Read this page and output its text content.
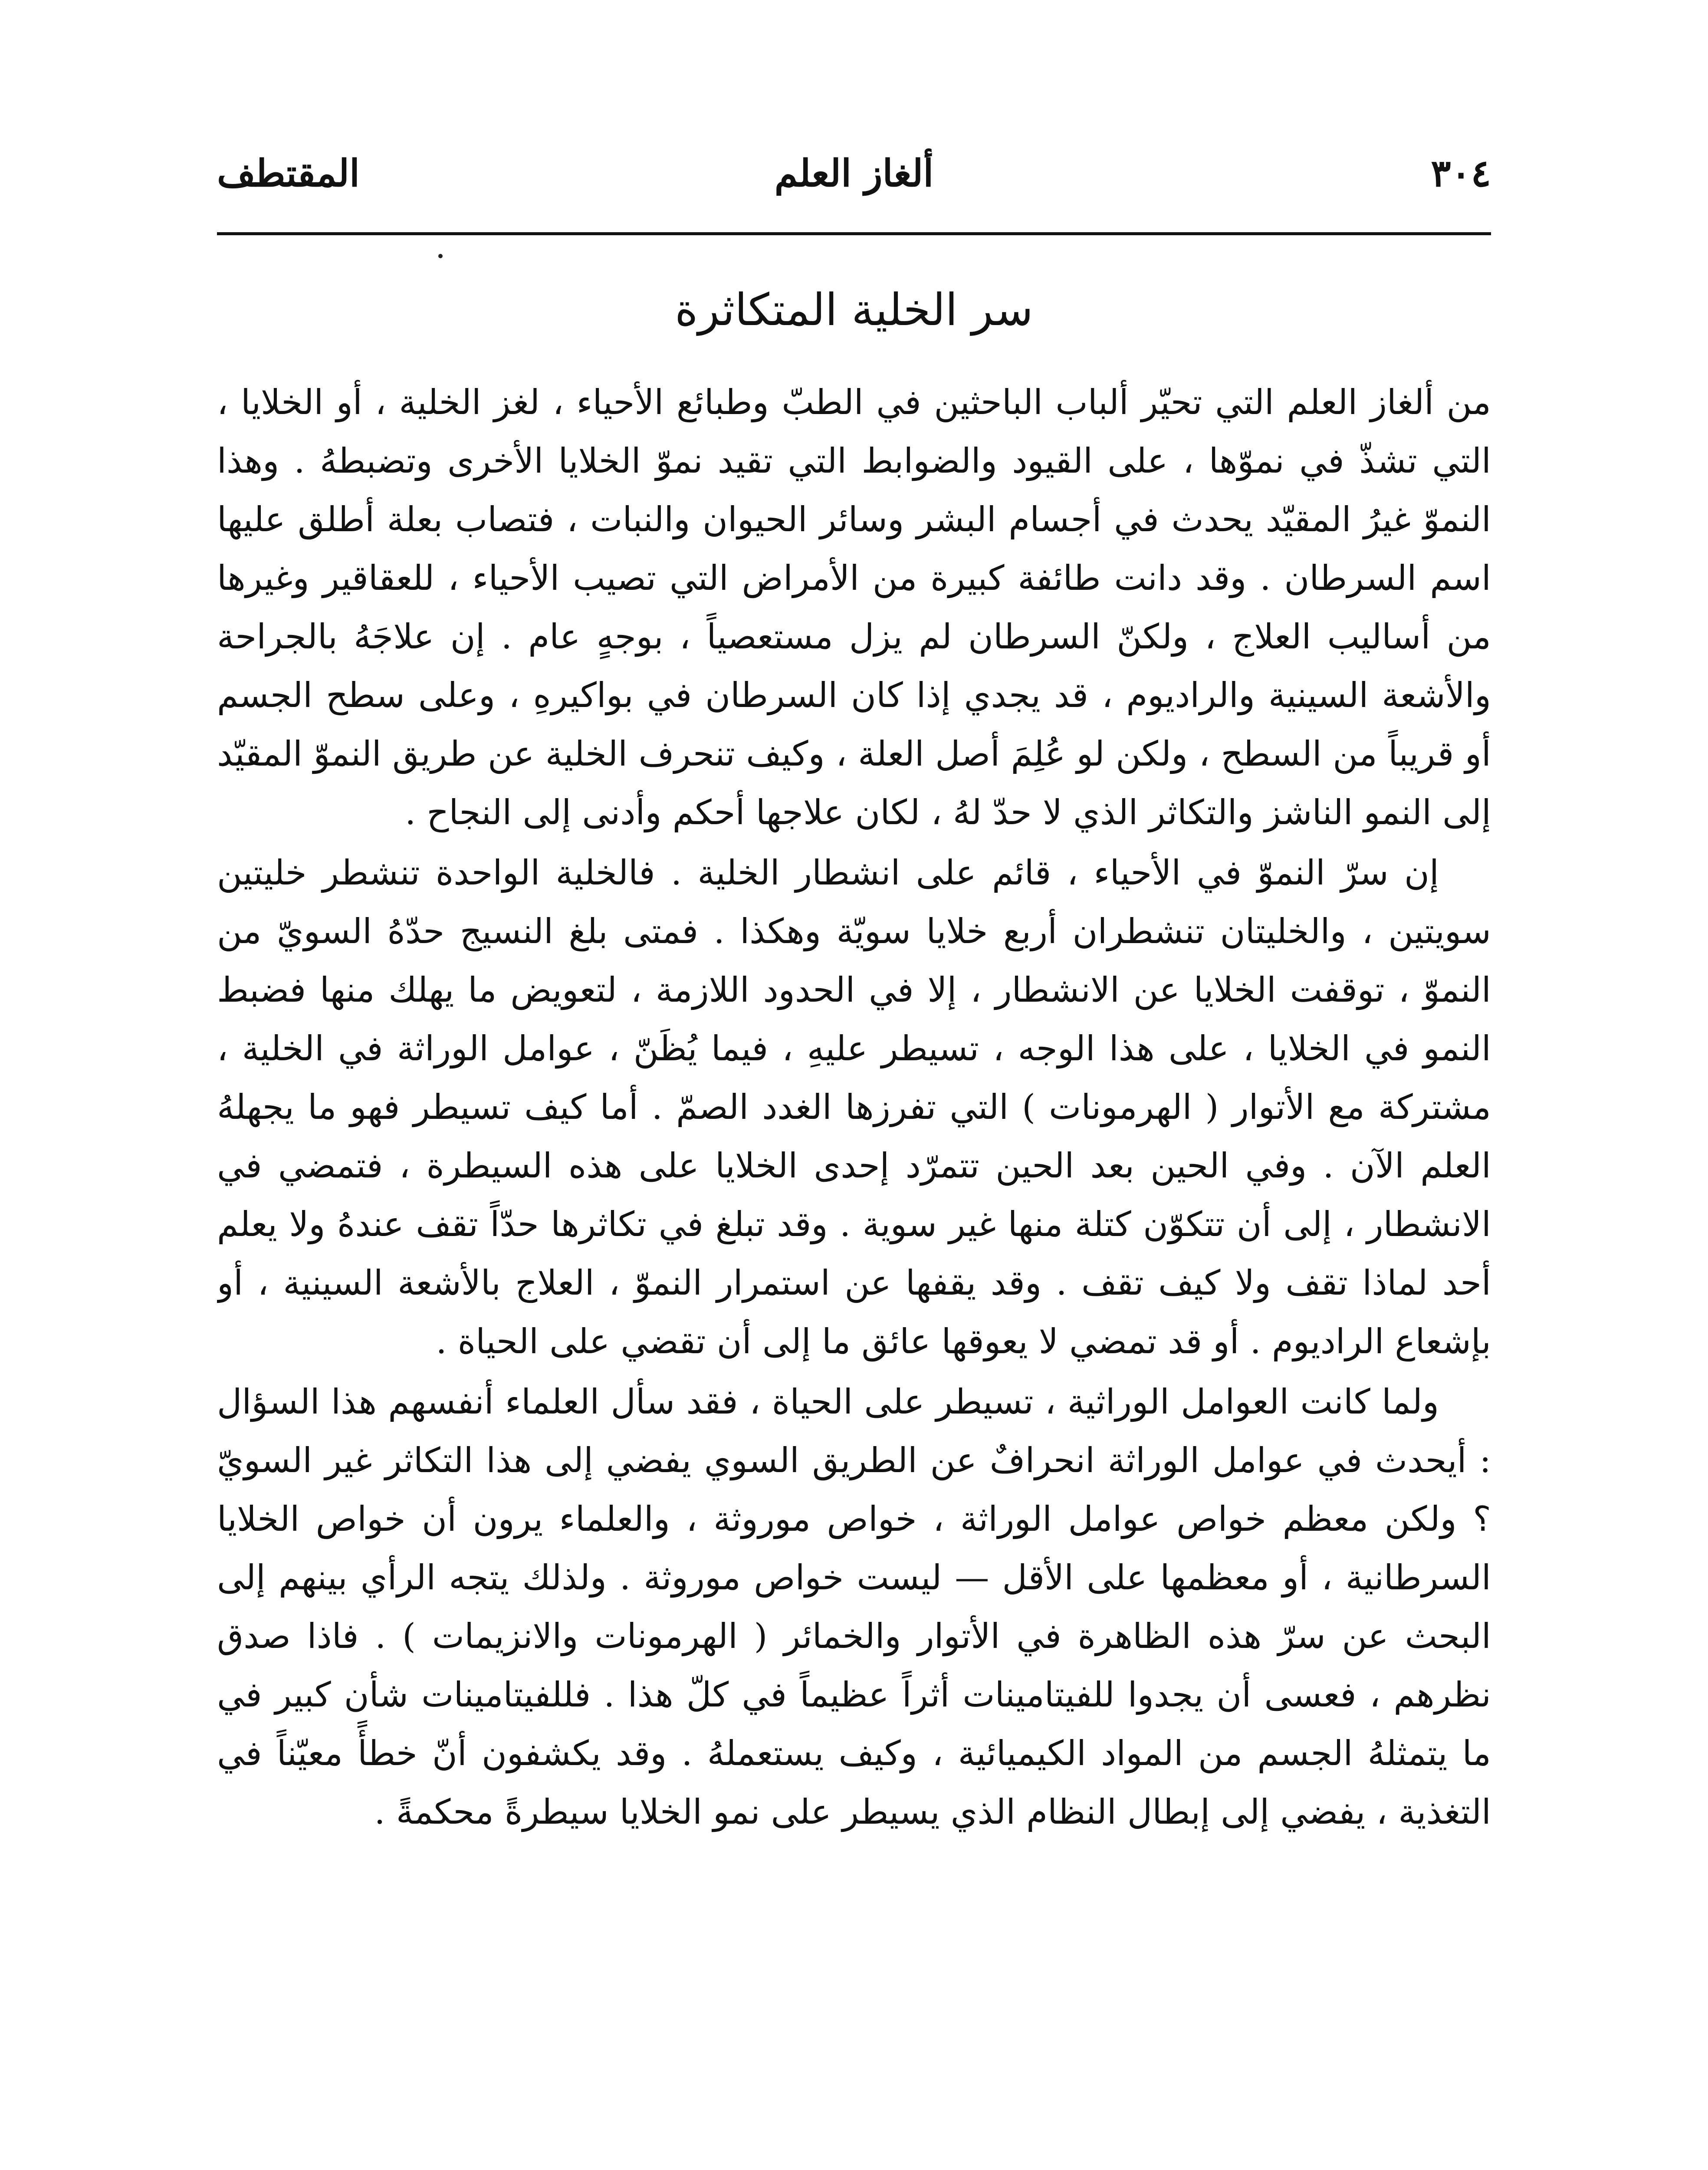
٣٠٤
ألغاز العلم
المقتطف
سر الخلية المتكاثرة

من ألغاز العلم التي تحيّر ألباب الباحثين في الطبّ وطبائع الأحياء ، لغز الخلية ، أو الخلايا ، التي تشذّ في نموّها ، على القيود والضوابط التي تقيد نموّ الخلايا الأخرى وتضبطهُ . وهذا النموّ غيرُ المقيّد يحدث في أجسام البشر وسائر الحيوان والنبات ، فتصاب بعلة أطلق عليها اسم السرطان . وقد دانت طائفة كبيرة من الأمراض التي تصيب الأحياء ، للعقاقير وغيرها من أساليب العلاج ، ولكنّ السرطان لم يزل مستعصياً ، بوجهٍ عام . إن علاجَهُ بالجراحة والأشعة السينية والراديوم ، قد يجدي إذا كان السرطان في بواكيرهِ ، وعلى سطح الجسم أو قريباً من السطح ، ولكن لو عُلِمَ أصل العلة ، وكيف تنحرف الخلية عن طريق النموّ المقيّد إلى النمو الناشز والتكاثر الذي لا حدّ لهُ ، لكان علاجها أحكم وأدنى إلى النجاح .

إن سرّ النموّ في الأحياء ، قائم على انشطار الخلية . فالخلية الواحدة تنشطر خليتين سويتين ، والخليتان تنشطران أربع خلايا سويّة وهكذا . فمتى بلغ النسيج حدّهُ السويّ من النموّ ، توقفت الخلايا عن الانشطار ، إلا في الحدود اللازمة ، لتعويض ما يهلك منها فضبط النمو في الخلايا ، على هذا الوجه ، تسيطر عليهِ ، فيما يُظَنّ ، عوامل الوراثة في الخلية ، مشتركة مع الأتوار ( الهرمونات ) التي تفرزها الغدد الصمّ . أما كيف تسيطر فهو ما يجهلهُ العلم الآن . وفي الحين بعد الحين تتمرّد إحدى الخلايا على هذه السيطرة ، فتمضي في الانشطار ، إلى أن تتكوّن كتلة منها غير سوية . وقد تبلغ في تكاثرها حدّاً تقف عندهُ ولا يعلم أحد لماذا تقف ولا كيف تقف . وقد يقفها عن استمرار النموّ ، العلاج بالأشعة السينية ، أو بإشعاع الراديوم . أو قد تمضي لا يعوقها عائق ما إلى أن تقضي على الحياة .

ولما كانت العوامل الوراثية ، تسيطر على الحياة ، فقد سأل العلماء أنفسهم هذا السؤال : أيحدث في عوامل الوراثة انحرافٌ عن الطريق السوي يفضي إلى هذا التكاثر غير السويّ ؟ ولكن معظم خواص عوامل الوراثة ، خواص موروثة ، والعلماء يرون أن خواص الخلايا السرطانية ، أو معظمها على الأقل — ليست خواص موروثة . ولذلك يتجه الرأي بينهم إلى البحث عن سرّ هذه الظاهرة في الأتوار والخمائر ( الهرمونات والانزيمات ) . فاذا صدق نظرهم ، فعسى أن يجدوا للفيتامينات أثراً عظيماً في كلّ هذا . فللفيتامينات شأن كبير في ما يتمثلهُ الجسم من المواد الكيميائية ، وكيف يستعملهُ . وقد يكشفون أنّ خطأً معيّناً في التغذية ، يفضي إلى إبطال النظام الذي يسيطر على نمو الخلايا سيطرةً محكمةً .
